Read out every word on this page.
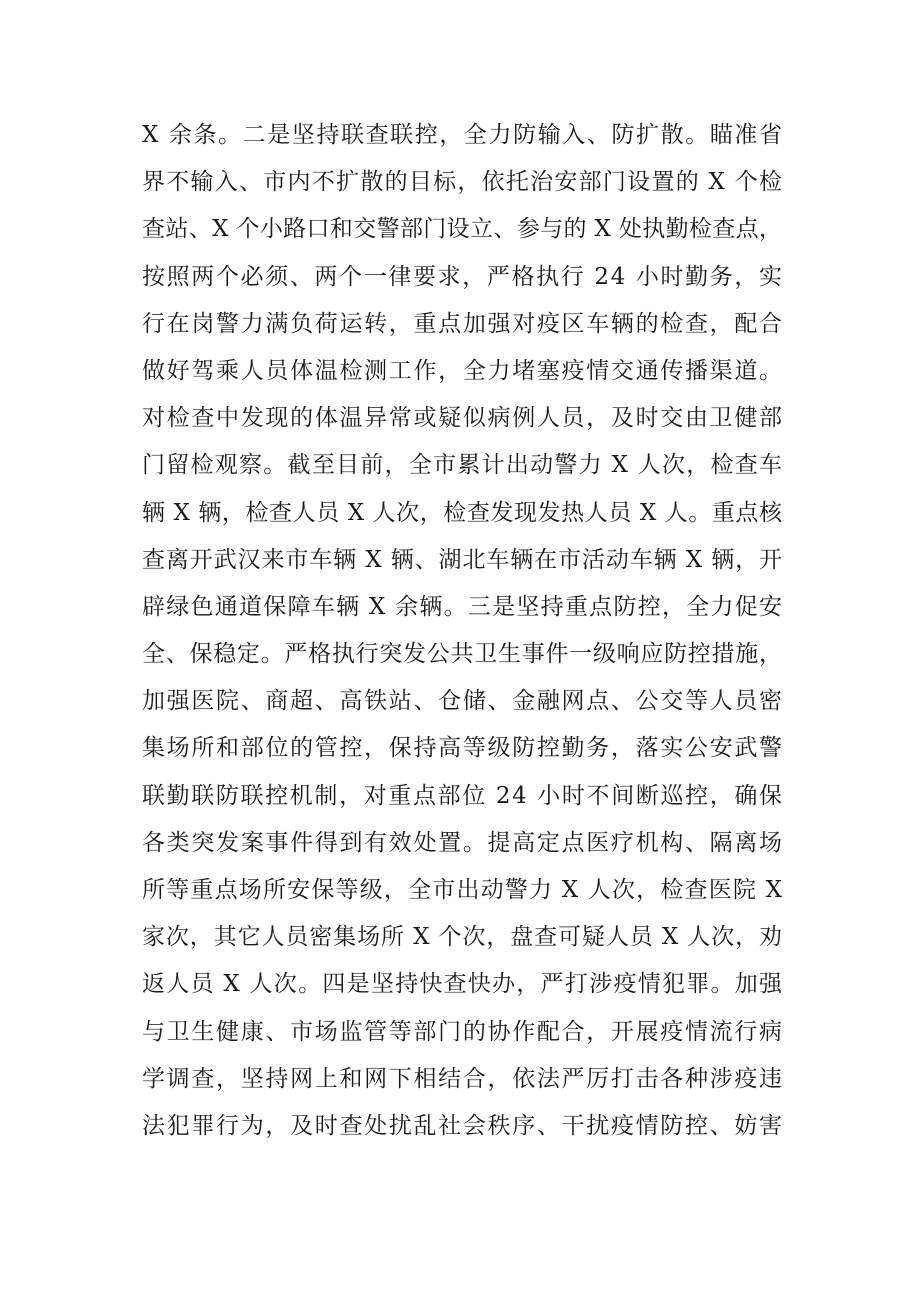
X 余条。二是坚持联查联控，全力防输入、防扩散。瞄准省
界不输入、市内不扩散的目标，依托治安部门设置的 X 个检
查站、X 个小路口和交警部门设立、参与的 X 处执勤检查点，
按照两个必须、两个一律要求，严格执行 24 小时勤务，实
行在岗警力满负荷运转，重点加强对疫区车辆的检查，配合
做好驾乘人员体温检测工作，全力堵塞疫情交通传播渠道。
对检查中发现的体温异常或疑似病例人员，及时交由卫健部
门留检观察。截至目前，全市累计出动警力 X 人次，检查车
辆 X 辆，检查人员 X 人次，检查发现发热人员 X 人。重点核
查离开武汉来市车辆 X 辆、湖北车辆在市活动车辆 X 辆，开
辟绿色通道保障车辆 X 余辆。三是坚持重点防控，全力促安
全、保稳定。严格执行突发公共卫生事件一级响应防控措施，
加强医院、商超、高铁站、仓储、金融网点、公交等人员密
集场所和部位的管控，保持高等级防控勤务，落实公安武警
联勤联防联控机制，对重点部位 24 小时不间断巡控，确保
各类突发案事件得到有效处置。提高定点医疗机构、隔离场
所等重点场所安保等级，全市出动警力 X 人次，检查医院 X
家次，其它人员密集场所 X 个次，盘查可疑人员 X 人次，劝
返人员 X 人次。四是坚持快查快办，严打涉疫情犯罪。加强
与卫生健康、市场监管等部门的协作配合，开展疫情流行病
学调查，坚持网上和网下相结合，依法严厉打击各种涉疫违
法犯罪行为，及时查处扰乱社会秩序、干扰疫情防控、妨害
